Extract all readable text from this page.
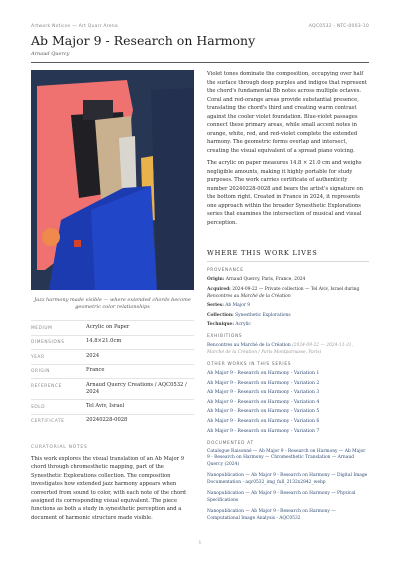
Artwork Notices — Art Quarr Arena	AQC0532 · NTC-0003-10
Ab Major 9 - Research on Harmony
Arnaud Quercy
Jazz harmony made visible — where extended chords become geometric color relationships
MEDIUM	Acrylic on Paper
DIMENSIONS	14.8×21.0cm
YEAR	2024
ORIGIN	France
REFERENCE	Arnaud Quercy Creations / AQC0532 / 2024
SOLD	Tel Aviv, Israel
CERTIFICATE	20240228-0028
CURATORIAL NOTES
This work explores the visual translation of an Ab Major 9 chord through chromesthetic mapping, part of the Synesthetic Explorations collection. The composition investigates how extended jazz harmony appears when converted from sound to color, with each note of the chord assigned its corresponding visual equivalent. The piece functions as both a study in synesthetic perception and a document of harmonic structure made visible.

Violet tones dominate the composition, occupying over half the surface through deep purples and indigos that represent the chord's fundamental Bb notes across multiple octaves. Coral and red-orange areas provide substantial presence, translating the chord's third and creating warm contrast against the cooler violet foundation. Blue-violet passages connect these primary areas, while small accent notes in orange, white, red, and red-violet complete the extended harmony. The geometric forms overlap and intersect, creating the visual equivalent of a spread piano voicing.

The acrylic on paper measures 14.8 × 21.0 cm and weighs negligible amounts, making it highly portable for study purposes. The work carries certificate of authenticity number 20240228-0028 and bears the artist's signature on the bottom right. Created in France in 2024, it represents one approach within the broader Synesthetic Explorations series that examines the intersection of musical and visual perception.

WHERE THIS WORK LIVES
PROVENANCE
Origin: Arnaud Quercy, Paris, France, 2024
Acquired: 2024-09-22 — Private collection — Tel Aviv, Israel during Rencontres au Marché de la Création
Series: Ab Major 9
Collection: Synesthetic Explorations
Technique: Acrylic
EXHIBITIONS
Rencontres au Marché de la Création (2024-09-22 — 2024-11-31, Marché de la Création / Paris Montparnasse, Paris)
OTHER WORKS IN THIS SERIES
Ab Major 9 - Research on Harmony - Variation 1
Ab Major 9 - Research on Harmony - Variation 2
Ab Major 9 - Research on Harmony - Variation 3
Ab Major 9 - Research on Harmony - Variation 4
Ab Major 9 - Research on Harmony - Variation 5
Ab Major 9 - Research on Harmony - Variation 6
Ab Major 9 - Research on Harmony - Variation 7
DOCUMENTED AT
Catalogue Raisonné — Ab Major 9 - Research on Harmony — Ab Major 9 - Research on Harmony — Chromesthetic Translation — Arnaud Quercy (2024)
Nanopublication — Ab Major 9 - Research on Harmony — Digital Image Documentation - aqc0532_img_full_2132x2842_webp
Nanopublication — Ab Major 9 - Research on Harmony — Physical Specifications
Nanopublication — Ab Major 9 - Research on Harmony — Computational Image Analysis - AQC0532
1
